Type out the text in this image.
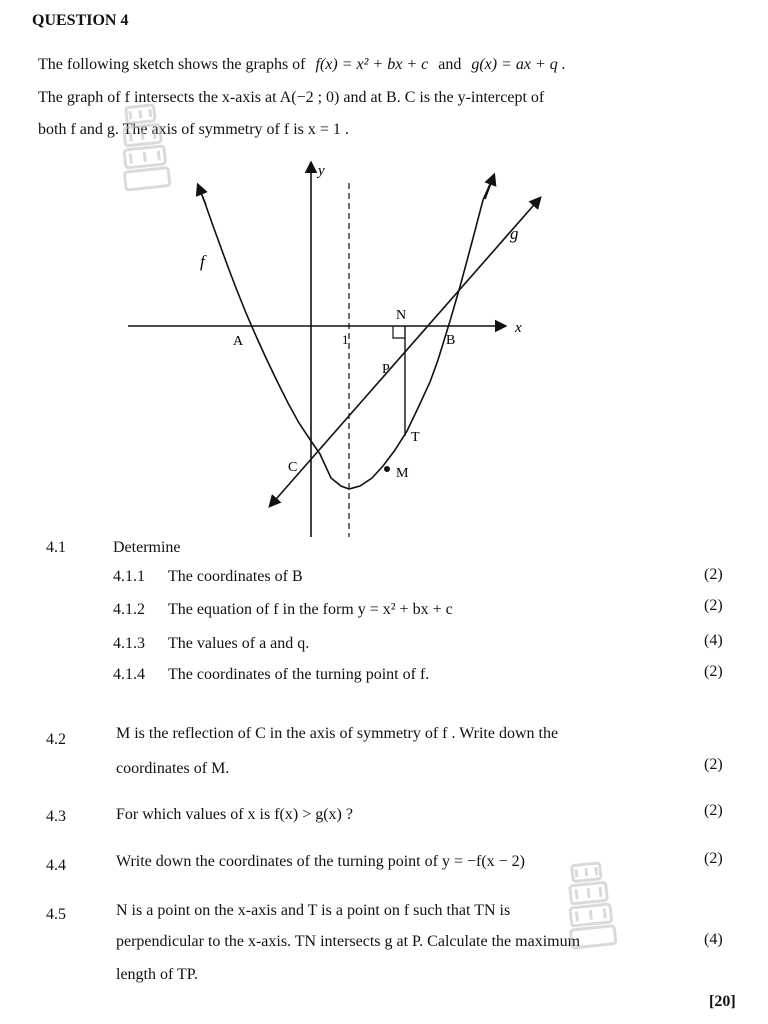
QUESTION 4
The following sketch shows the graphs of f(x) = x² + bx + c and g(x) = ax + q .
The graph of f intersects the x-axis at A(−2 ; 0) and at B. C is the y-intercept of
both f and g. The axis of symmetry of f is x = 1 .
y
x
f
g
A	B
C
N
P
T
M
1
4.1	Determine
4.1.1 The coordinates of B	(2)
4.1.2 The equation of f in the form y = x² + bx + c	(2)
4.1.3 The values of a and q.	(4)
4.1.4 The coordinates of the turning point of f.	(2)
4.2	M is the reflection of C in the axis of symmetry of f . Write down the
coordinates of M.	(2)
4.3	For which values of x is f(x) > g(x) ?	(2)
4.4	Write down the coordinates of the turning point of y = −f(x − 2)	(2)
4.5	N is a point on the x-axis and T is a point on f such that TN is
perpendicular to the x-axis. TN intersects g at P. Calculate the maximum	(4)
length of TP.
[20]
